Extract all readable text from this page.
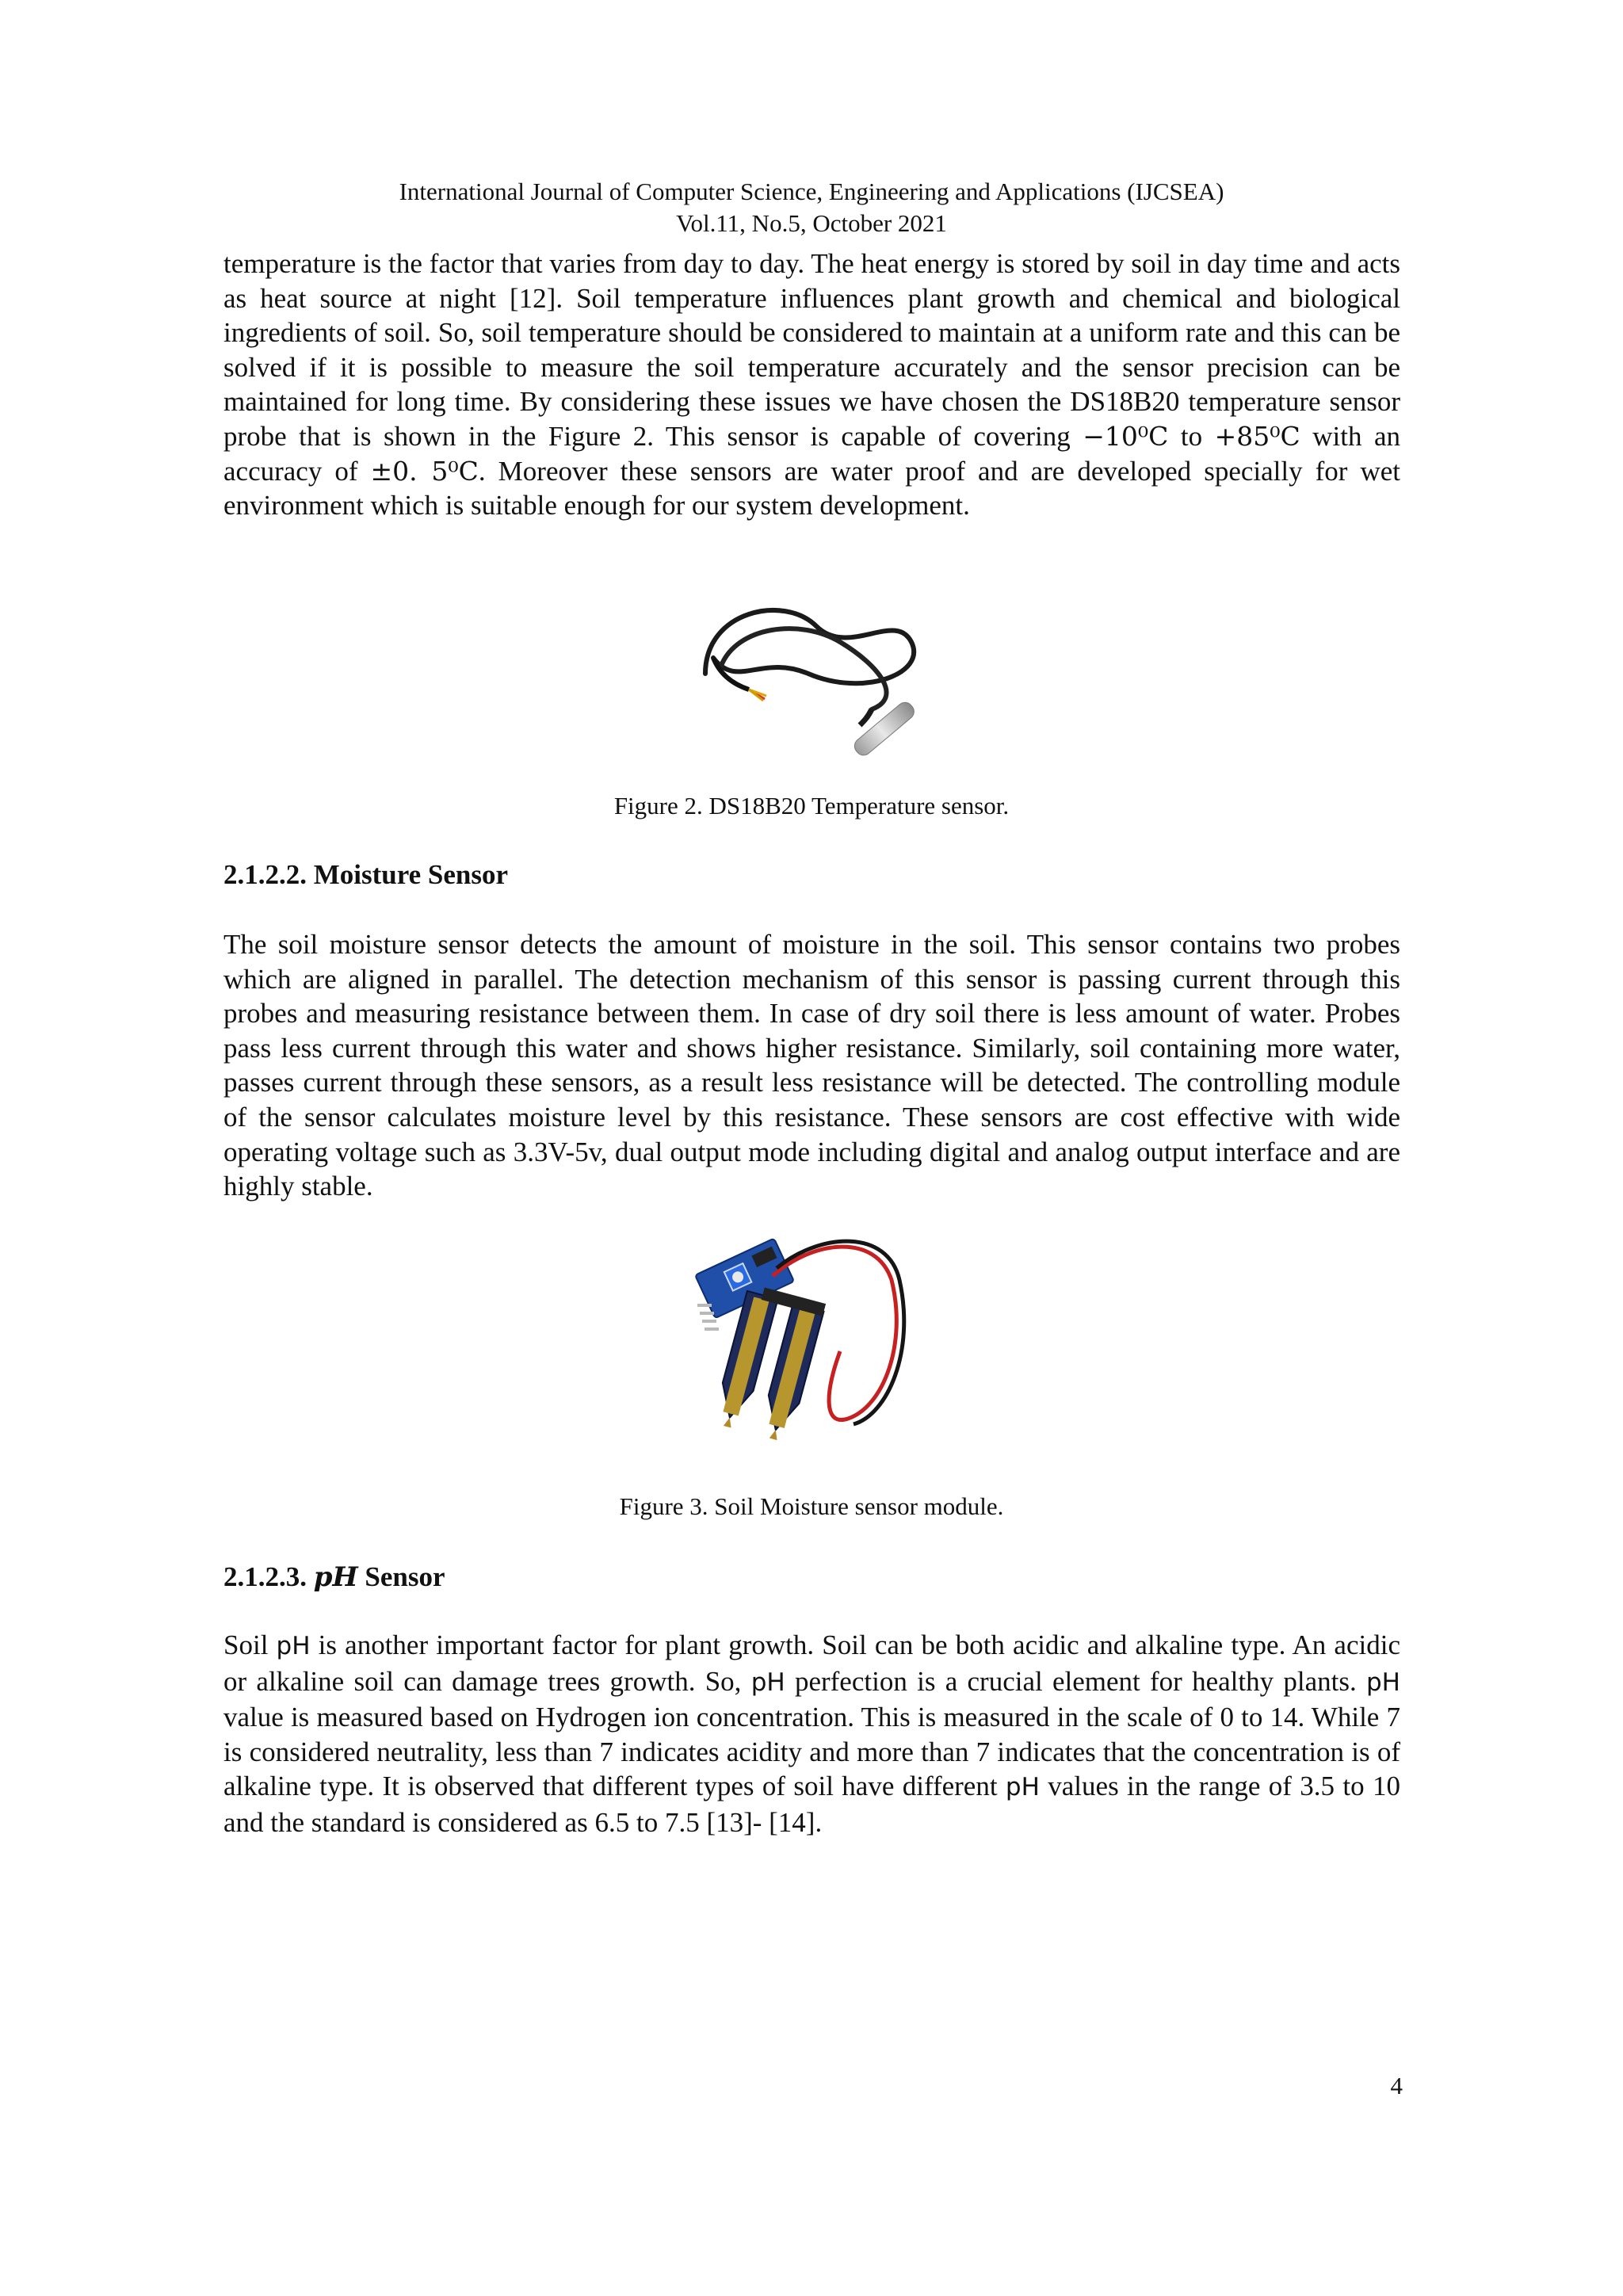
International Journal of Computer Science, Engineering and Applications (IJCSEA)
Vol.11, No.5, October 2021

temperature is the factor that varies from day to day. The heat energy is stored by soil in day time and acts as heat source at night [12]. Soil temperature influences plant growth and chemical and biological ingredients of soil. So, soil temperature should be considered to maintain at a uniform rate and this can be solved if it is possible to measure the soil temperature accurately and the sensor precision can be maintained for long time. By considering these issues we have chosen the DS18B20 temperature sensor probe that is shown in the Figure 2. This sensor is capable of covering −10⁰C to +85⁰C with an accuracy of ±0. 5⁰C. Moreover these sensors are water proof and are developed specially for wet environment which is suitable enough for our system development.

Figure 2. DS18B20 Temperature sensor.
2.1.2.2. Moisture Sensor

The soil moisture sensor detects the amount of moisture in the soil. This sensor contains two probes which are aligned in parallel. The detection mechanism of this sensor is passing current through this probes and measuring resistance between them. In case of dry soil there is less amount of water. Probes pass less current through this water and shows higher resistance. Similarly, soil containing more water, passes current through these sensors, as a result less resistance will be detected. The controlling module of the sensor calculates moisture level by this resistance. These sensors are cost effective with wide operating voltage such as 3.3V-5v, dual output mode including digital and analog output interface and are highly stable.

Figure 3. Soil Moisture sensor module.
2.1.2.3. pH Sensor

Soil pH is another important factor for plant growth. Soil can be both acidic and alkaline type. An acidic or alkaline soil can damage trees growth. So, pH perfection is a crucial element for healthy plants. pH value is measured based on Hydrogen ion concentration. This is measured in the scale of 0 to 14. While 7 is considered neutrality, less than 7 indicates acidity and more than 7 indicates that the concentration is of alkaline type. It is observed that different types of soil have different pH values in the range of 3.5 to 10 and the standard is considered as 6.5 to 7.5 [13]- [14].

4
